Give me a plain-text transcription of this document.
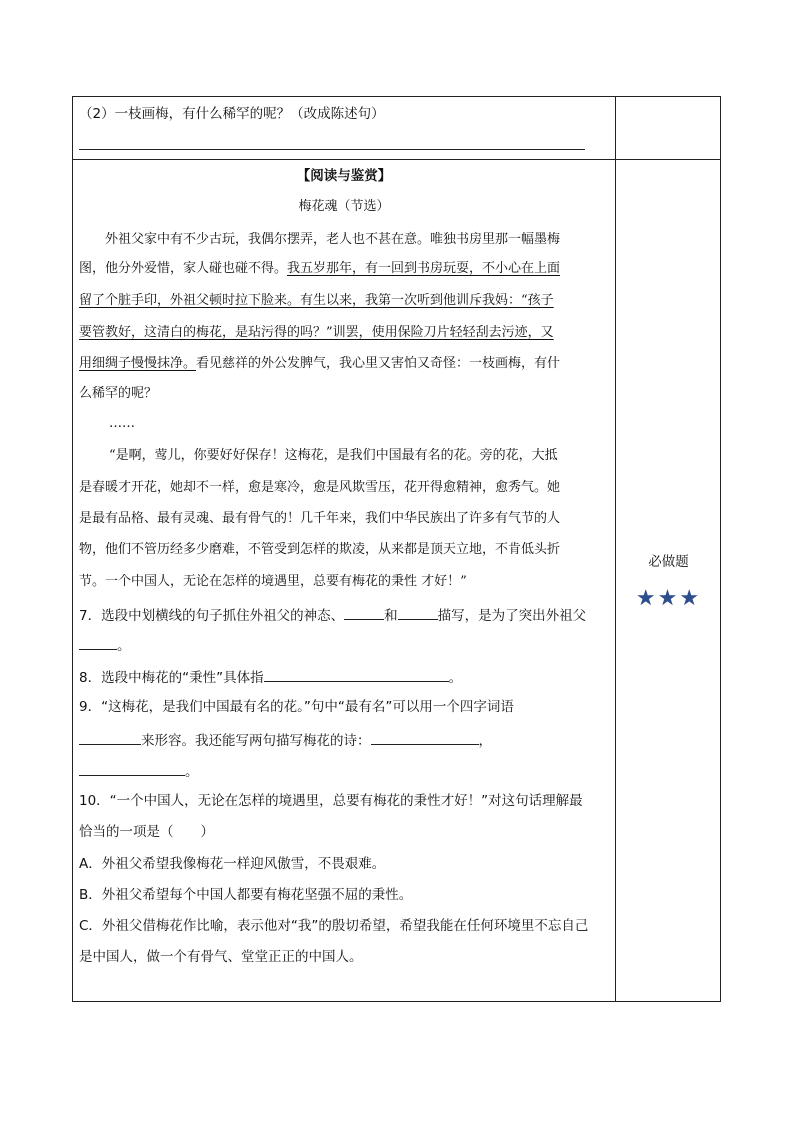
（2）一枝画梅，有什么稀罕的呢？（改成陈述句）
【阅读与鉴赏】
梅花魂（节选）
外祖父家中有不少古玩，我偶尔摆弄，老人也不甚在意。唯独书房里那一幅墨梅
图，他分外爱惜，家人碰也碰不得。我五岁那年，有一回到书房玩耍，不小心在上面
留了个脏手印，外祖父顿时拉下脸来。有生以来，我第一次听到他训斥我妈：“孩子
要管教好，这清白的梅花，是玷污得的吗？”训罢，使用保险刀片轻轻刮去污迹，又
用细绸子慢慢抹净。看见慈祥的外公发脾气，我心里又害怕又奇怪：一枝画梅，有什
么稀罕的呢？
……
“是啊，莺儿，你要好好保存！这梅花，是我们中国最有名的花。旁的花，大抵
是春暖才开花，她却不一样，愈是寒冷，愈是风欺雪压，花开得愈精神，愈秀气。她
是最有品格、最有灵魂、最有骨气的！几千年来，我们中华民族出了许多有气节的人
物，他们不管历经多少磨难，不管受到怎样的欺凌，从来都是顶天立地，不肯低头折
节。一个中国人，无论在怎样的境遇里，总要有梅花的秉性 才好！”
7．选段中划横线的句子抓住外祖父的神态、	和	描写，是为了突出外祖父
。
8．选段中梅花的“秉性”具体指	。
9．“这梅花，是我们中国最有名的花。”句中“最有名”可以用一个四字词语
来形容。我还能写两句描写梅花的诗：	，
。
10．“一个中国人，无论在怎样的境遇里，总要有梅花的秉性才好！”对这句话理解最
恰当的一项是（　　）
A．外祖父希望我像梅花一样迎风傲雪，不畏艰难。
B．外祖父希望每个中国人都要有梅花坚强不屈的秉性。
C．外祖父借梅花作比喻，表示他对“我”的殷切希望，希望我能在任何环境里不忘自己
是中国人，做一个有骨气、堂堂正正的中国人。
必做题
★★★
